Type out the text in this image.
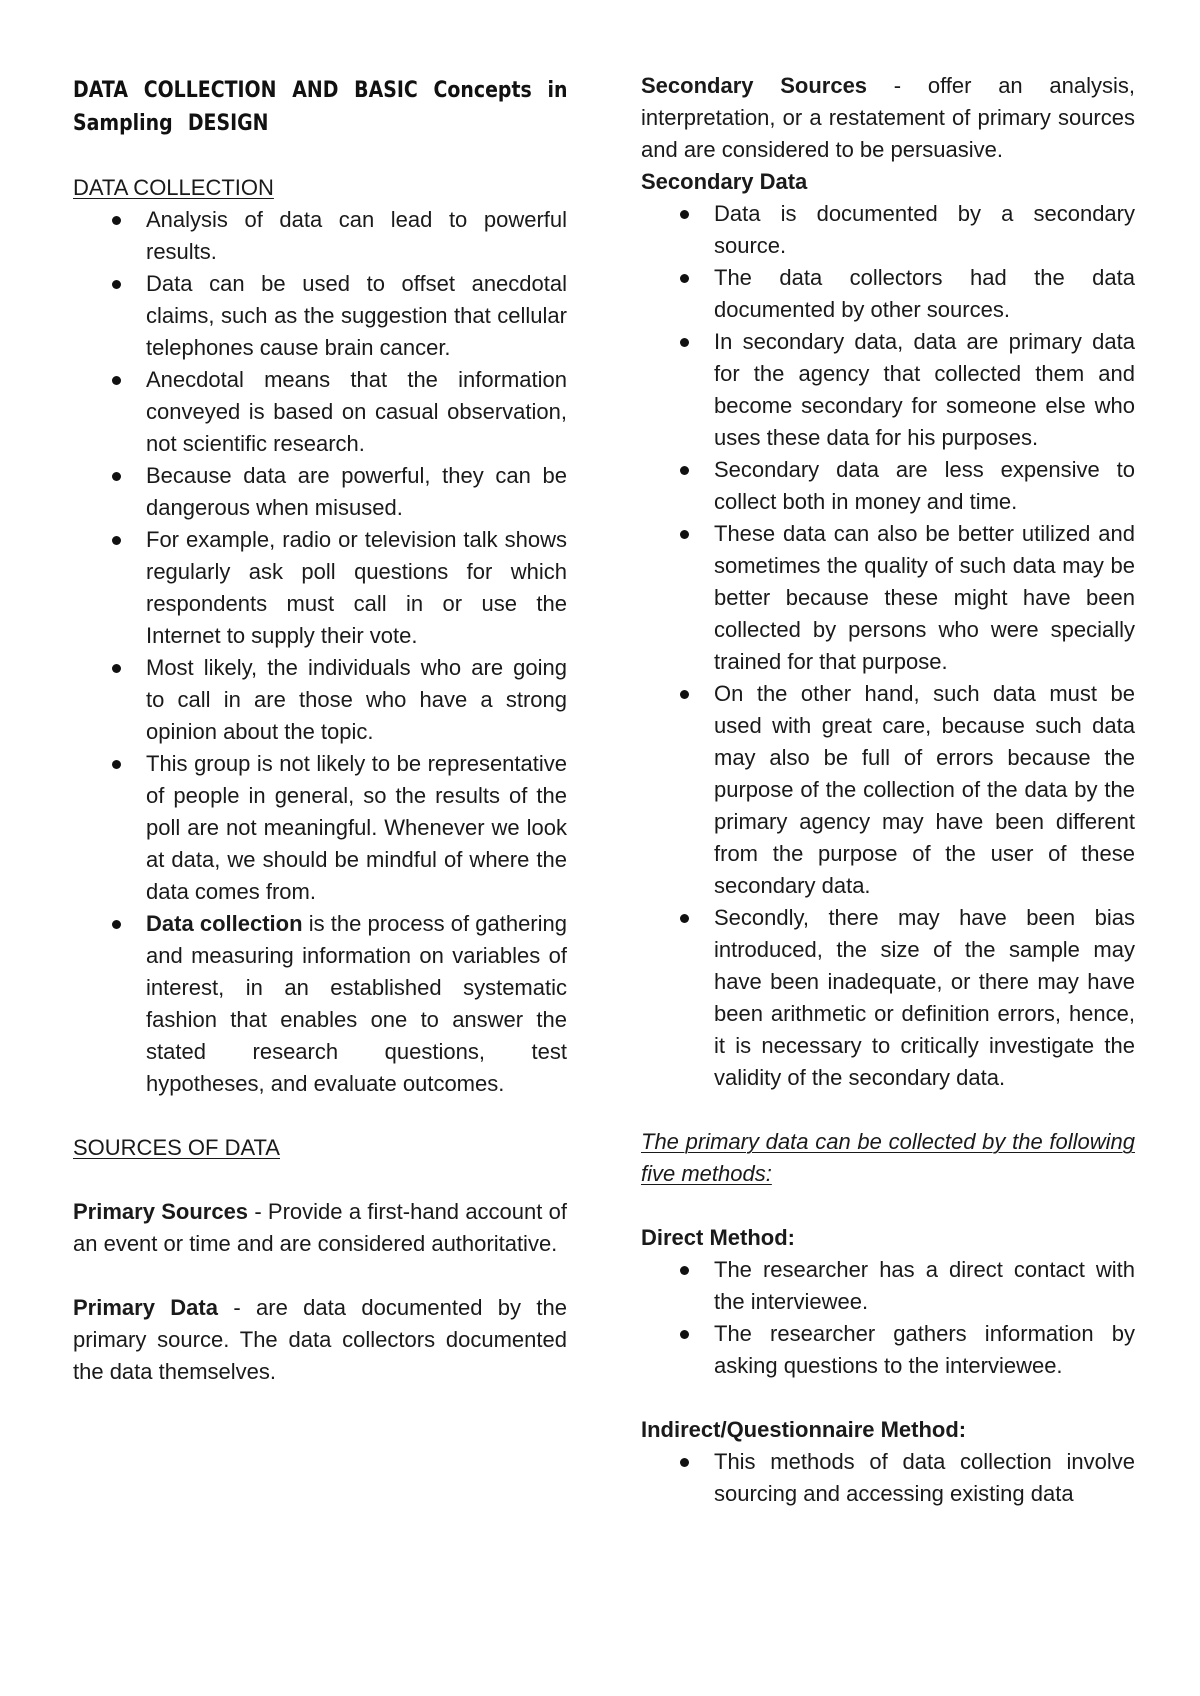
DATA COLLECTION AND BASIC Concepts in Sampling DESIGN

DATA COLLECTION

Analysis of data can lead to powerful results.
Data can be used to offset anecdotal claims, such as the suggestion that cellular telephones cause brain cancer.
Anecdotal means that the information conveyed is based on casual observation, not scientific research.
Because data are powerful, they can be dangerous when misused.
For example, radio or television talk shows regularly ask poll questions for which respondents must call in or use the Internet to supply their vote.
Most likely, the individuals who are going to call in are those who have a strong opinion about the topic.
This group is not likely to be representative of people in general, so the results of the poll are not meaningful. Whenever we look at data, we should be mindful of where the data comes from.
Data collection is the process of gathering and measuring information on variables of interest, in an established systematic fashion that enables one to answer the stated research questions, test hypotheses, and evaluate outcomes.

SOURCES OF DATA

Primary Sources - Provide a first-hand account of an event or time and are considered authoritative.

Primary Data - are data documented by the primary source. The data collectors documented the data themselves.

Secondary Sources - offer an analysis, interpretation, or a restatement of primary sources and are considered to be persuasive.

Secondary Data

Data is documented by a secondary source.
The data collectors had the data documented by other sources.
In secondary data, data are primary data for the agency that collected them and become secondary for someone else who uses these data for his purposes.
Secondary data are less expensive to collect both in money and time.
These data can also be better utilized and sometimes the quality of such data may be better because these might have been collected by persons who were specially trained for that purpose.
On the other hand, such data must be used with great care, because such data may also be full of errors because the purpose of the collection of the data by the primary agency may have been different from the purpose of the user of these secondary data.
Secondly, there may have been bias introduced, the size of the sample may have been inadequate, or there may have been arithmetic or definition errors, hence, it is necessary to critically investigate the validity of the secondary data.

The primary data can be collected by the following five methods:

Direct Method:

The researcher has a direct contact with the interviewee.
The researcher gathers information by asking questions to the interviewee.

Indirect/Questionnaire Method:

This methods of data collection involve sourcing and accessing existing data
